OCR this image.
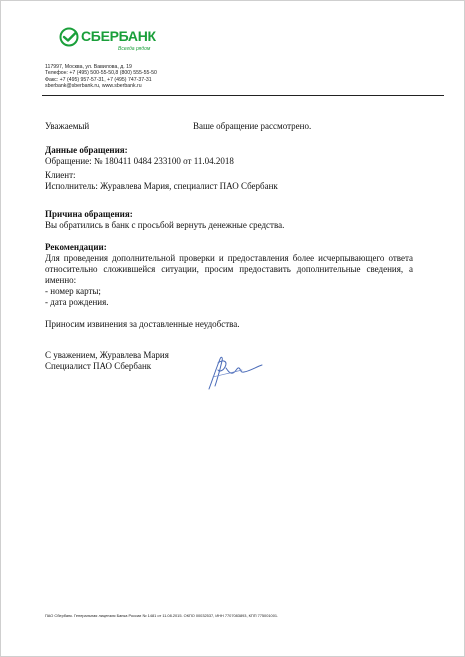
СБЕРБАНК
Всегда рядом
117997, Москва, ул. Вавилова, д. 19
Телефон: +7 (495) 500-55-50,8 (800) 555-55-50
Факс: +7 (495) 957-57-31, +7 (495) 747-37-31
sberbank@sberbank.ru, www.sberbank.ru
Уважаемый	Ваше обращение рассмотрено.
Данные обращения:
Обращение: № 180411 0484 233100 от 11.04.2018
Клиент:
Исполнитель: Журавлева Мария, специалист ПАО Сбербанк
Причина обращения:
Вы обратились в банк с просьбой вернуть денежные средства.
Рекомендации:
Для проведения дополнительной проверки и предоставления более исчерпывающего ответа относительно сложившейся ситуации, просим предоставить дополнительные сведения, а именно:
- номер карты;
- дата рождения.
Приносим извинения за доставленные неудобства.
С уважением, Журавлева Мария
Специалист ПАО Сбербанк
ПАО Сбербанк. Генеральная лицензия Банка России № 1481 от 11.08.2015. ОКПО 00032537, ИНН 7707083893, КПП 775001001.
